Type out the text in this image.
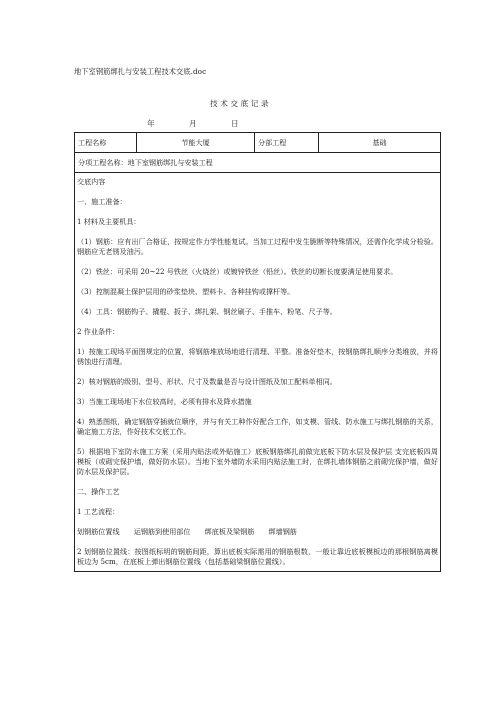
地下室钢筋绑扎与安装工程技术交底.doc
技术交底记录
年	月	日
工程名称	节能大厦	分部工程	基础
分项工程名称：地下室钢筋绑扎与安装工程

交底内容

一、施工准备：

1 材料及主要机具：

（1）钢筋：应有出厂合格证，按规定作力学性能复试。当加工过程中发生脆断等特殊情况，还需作化学成分检验。钢筋应无老锈及油污。

（2）铁丝：可采用 20~22 号铁丝（火烧丝）或镀锌铁丝（铅丝）。铁丝的切断长度要满足使用要求。

（3）控制混凝土保护层用的砂浆垫块、塑料卡、各种挂钩或撑杆等。

（4）工具：钢筋钩子、撬棍、扳子、绑扎架、钢丝刷子、手推车、粉笔、尺子等。

2 作业条件：

1）按施工现场平面图规定的位置，将钢筋堆放场地进行清理、平整。准备好垫木，按钢筋绑扎顺序分类堆放，并将锈蚀进行清理。

2）核对钢筋的级别、型号、形状、尺寸及数量是否与设计图纸及加工配料单相同。

3）当施工现场地下水位较高时，必须有排水及降水措施

4）熟悉图纸，确定钢筋穿插就位顺序，并与有关工种作好配合工作，如支模、管线、防水施工与绑扎钢筋的关系，确定施工方法，作好技术交底工作。

5）根据地下室防水施工方案（采用内贴法或外贴施工）底板钢筋绑扎前做完底板下防水层及保护层 支完底板四周模板（或砌完保护墙，做好防水层）。当地下室外墙防水采用内贴法施工时，在绑扎墙体钢筋之前砌完保护墙，做好防水层及保护层。

二、操作工艺

1 工艺流程：

划钢筋位置线　　运钢筋到使用部位　　绑底板及梁钢筋　　绑墙钢筋

2 划钢筋位置线：按图纸标明的钢筋间距，算出底板实际需用的钢筋根数，一般让靠近底板模板边的那根钢筋离模板边为 5cm，在底板上弹出钢筋位置线（包括基础梁钢筋位置线）。
